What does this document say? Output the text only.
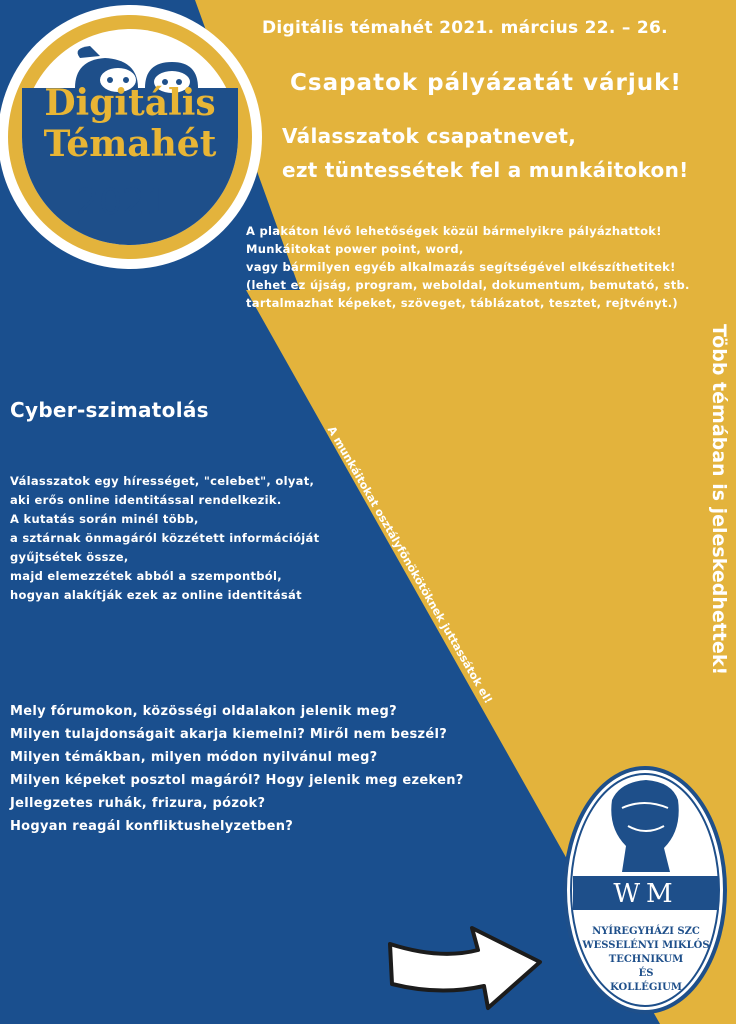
Digitális
Témahét
2021
WM
NYÍREGYHÁZI SZC
WESSELÉNYI MIKLÓS
TECHNIKUM
ÉS
KOLLÉGIUM
Digitális témahét 2021. március 22. – 26.
Csapatok pályázatát várjuk!
Válasszatok csapatnevet,
ezt tüntessétek fel a munkáitokon!
A plakáton lévő lehetőségek közül bármelyikre pályázhattok!
Munkáitokat power point, word,
vagy bármilyen egyéb alkalmazás segítségével elkészíthetitek!
(lehet ez újság, program, weboldal, dokumentum, bemutató, stb.
tartalmazhat képeket, szöveget, táblázatot, tesztet, rejtvényt.)
Több témában is jeleskedhettek!
A munkáitokat osztályfőnökötöknek juttassátok el!
Cyber-szimatolás
Válasszatok egy hírességet, "celebet", olyat,
aki erős online identitással rendelkezik.
A kutatás során minél több,
a sztárnak önmagáról közzétett információját
gyűjtsétek össze,
majd elemezzétek abból a szempontból,
hogyan alakítják ezek az online identitását
Mely fórumokon, közösségi oldalakon jelenik meg?
Milyen tulajdonságait akarja kiemelni? Miről nem beszél?
Milyen témákban, milyen módon nyilvánul meg?
Milyen képeket posztol magáról? Hogy jelenik meg ezeken?
Jellegzetes ruhák, frizura, pózok?
Hogyan reagál konfliktushelyzetben?
